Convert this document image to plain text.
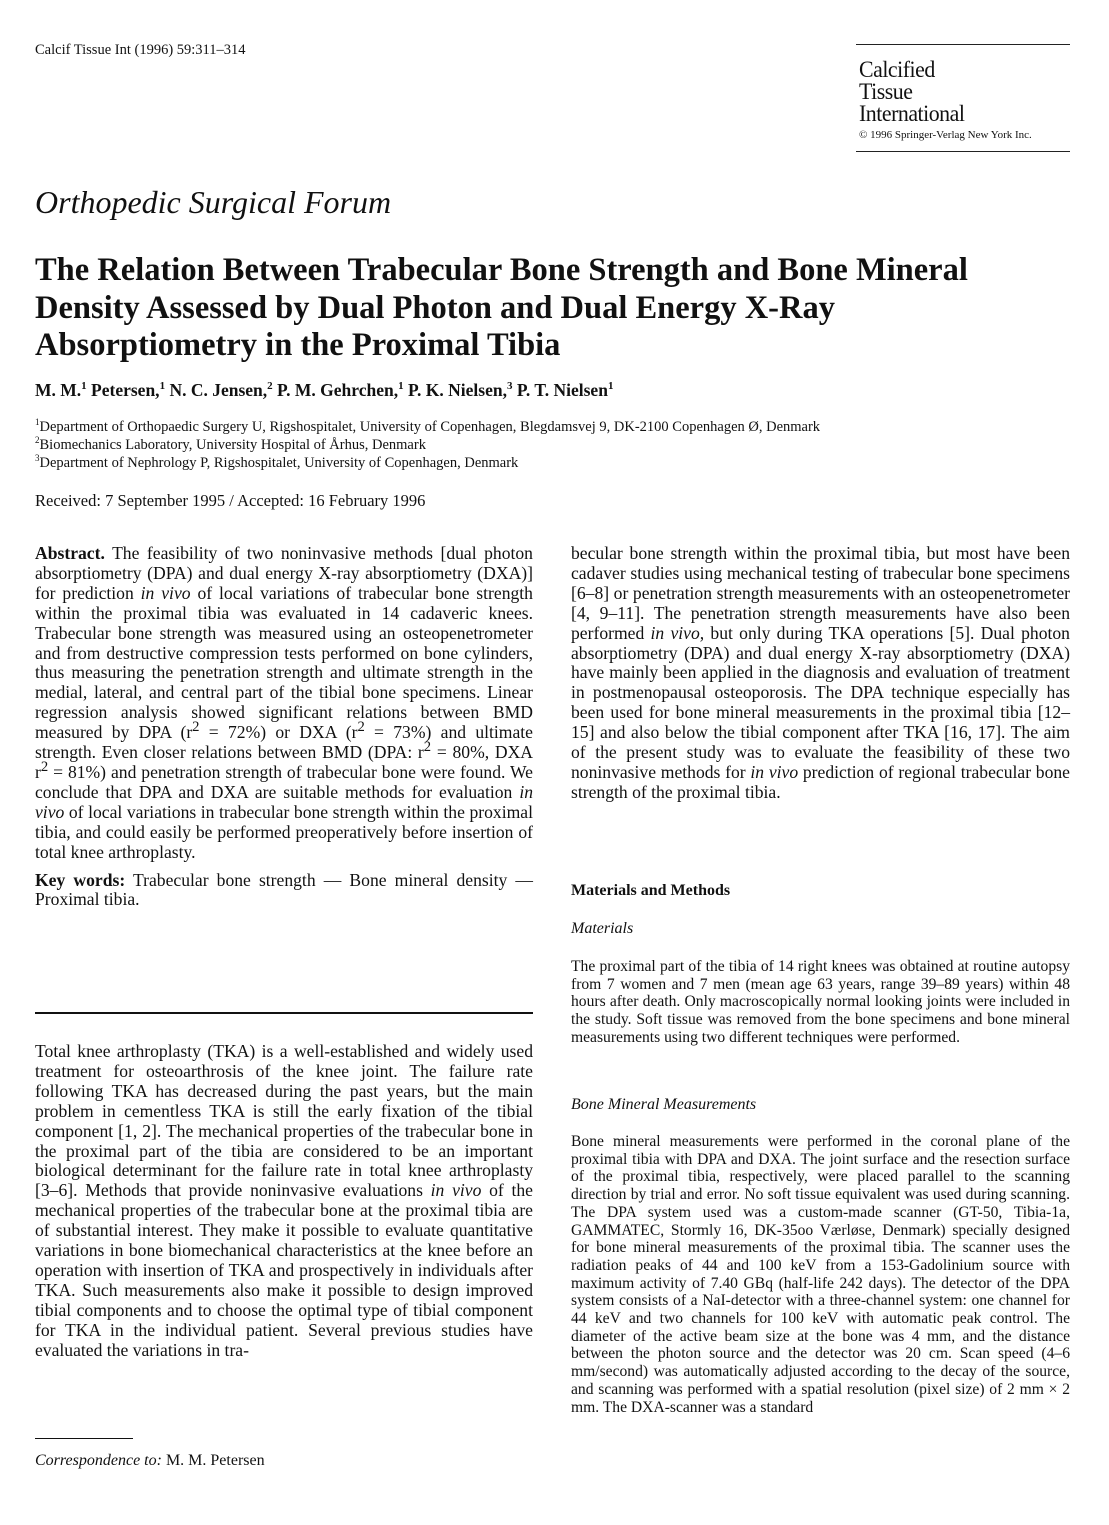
Calcif Tissue Int (1996) 59:311–314
Calcified
Tissue
International
© 1996 Springer-Verlag New York Inc.
Orthopedic Surgical Forum
The Relation Between Trabecular Bone Strength and Bone Mineral Density Assessed by Dual Photon and Dual Energy X-Ray Absorptiometry in the Proximal Tibia
M. M.$^1$ Petersen,$^1$ N. C. Jensen,$^2$ P. M. Gehrchen,$^1$ P. K. Nielsen,$^3$ P. T. Nielsen$^1$
$^1$Department of Orthopaedic Surgery U, Rigshospitalet, University of Copenhagen, Blegdamsvej 9, DK-2100 Copenhagen Ø, Denmark
$^2$Biomechanics Laboratory, University Hospital of Århus, Denmark
$^3$Department of Nephrology P, Rigshospitalet, University of Copenhagen, Denmark
Received: 7 September 1995 / Accepted: 16 February 1996

Abstract. The feasibility of two noninvasive methods [dual photon absorptiometry (DPA) and dual energy X-ray absorptiometry (DXA)] for prediction in vivo of local variations of trabecular bone strength within the proximal tibia was evaluated in 14 cadaveric knees. Trabecular bone strength was measured using an osteopenetrometer and from destructive compression tests performed on bone cylinders, thus measuring the penetration strength and ultimate strength in the medial, lateral, and central part of the tibial bone specimens. Linear regression analysis showed significant relations between BMD measured by DPA $(r^2 = 72\%)$ or DXA $(r^2 = 73\%)$ and ultimate strength. Even closer relations between BMD (DPA: $r^2 = 80\%$, DXA $r^2 = 81\%$) and penetration strength of trabecular bone were found. We conclude that DPA and DXA are suitable methods for evaluation in vivo of local variations in trabecular bone strength within the proximal tibia, and could easily be performed preoperatively before insertion of total knee arthroplasty.

Key words: Trabecular bone strength — Bone mineral density — Proximal tibia.

Total knee arthroplasty (TKA) is a well-established and widely used treatment for osteoarthrosis of the knee joint. The failure rate following TKA has decreased during the past years, but the main problem in cementless TKA is still the early fixation of the tibial component [1, 2]. The mechanical properties of the trabecular bone in the proximal part of the tibia are considered to be an important biological determinant for the failure rate in total knee arthroplasty [3–6]. Methods that provide noninvasive evaluations in vivo of the mechanical properties of the trabecular bone at the proximal tibia are of substantial interest. They make it possible to evaluate quantitative variations in bone biomechanical characteristics at the knee before an operation with insertion of TKA and prospectively in individuals after TKA. Such measurements also make it possible to design improved tibial components and to choose the optimal type of tibial component for TKA in the individual patient. Several previous studies have evaluated the variations in tra-

Correspondence to: M. M. Petersen

becular bone strength within the proximal tibia, but most have been cadaver studies using mechanical testing of trabecular bone specimens [6–8] or penetration strength measurements with an osteopenetrometer [4, 9–11]. The penetration strength measurements have also been performed in vivo, but only during TKA operations [5]. Dual photon absorptiometry (DPA) and dual energy X-ray absorptiometry (DXA) have mainly been applied in the diagnosis and evaluation of treatment in postmenopausal osteoporosis. The DPA technique especially has been used for bone mineral measurements in the proximal tibia [12–15] and also below the tibial component after TKA [16, 17]. The aim of the present study was to evaluate the feasibility of these two noninvasive methods for in vivo prediction of regional trabecular bone strength of the proximal tibia.

Materials and Methods
Materials

The proximal part of the tibia of 14 right knees was obtained at routine autopsy from 7 women and 7 men (mean age 63 years, range 39–89 years) within 48 hours after death. Only macroscopically normal looking joints were included in the study. Soft tissue was removed from the bone specimens and bone mineral measurements using two different techniques were performed.

Bone Mineral Measurements

Bone mineral measurements were performed in the coronal plane of the proximal tibia with DPA and DXA. The joint surface and the resection surface of the proximal tibia, respectively, were placed parallel to the scanning direction by trial and error. No soft tissue equivalent was used during scanning. The DPA system used was a custom-made scanner (GT-50, Tibia-1a, GAMMATEC, Stormly 16, DK-35oo Værløse, Denmark) specially designed for bone mineral measurements of the proximal tibia. The scanner uses the radiation peaks of 44 and 100 keV from a 153-Gadolinium source with maximum activity of 7.40 GBq (half-life 242 days). The detector of the DPA system consists of a NaI-detector with a three-channel system: one channel for 44 keV and two channels for 100 keV with automatic peak control. The diameter of the active beam size at the bone was 4 mm, and the distance between the photon source and the detector was 20 cm. Scan speed (4–6 mm/second) was automatically adjusted according to the decay of the source, and scanning was performed with a spatial resolution (pixel size) of 2 mm × 2 mm. The DXA-scanner was a standard
